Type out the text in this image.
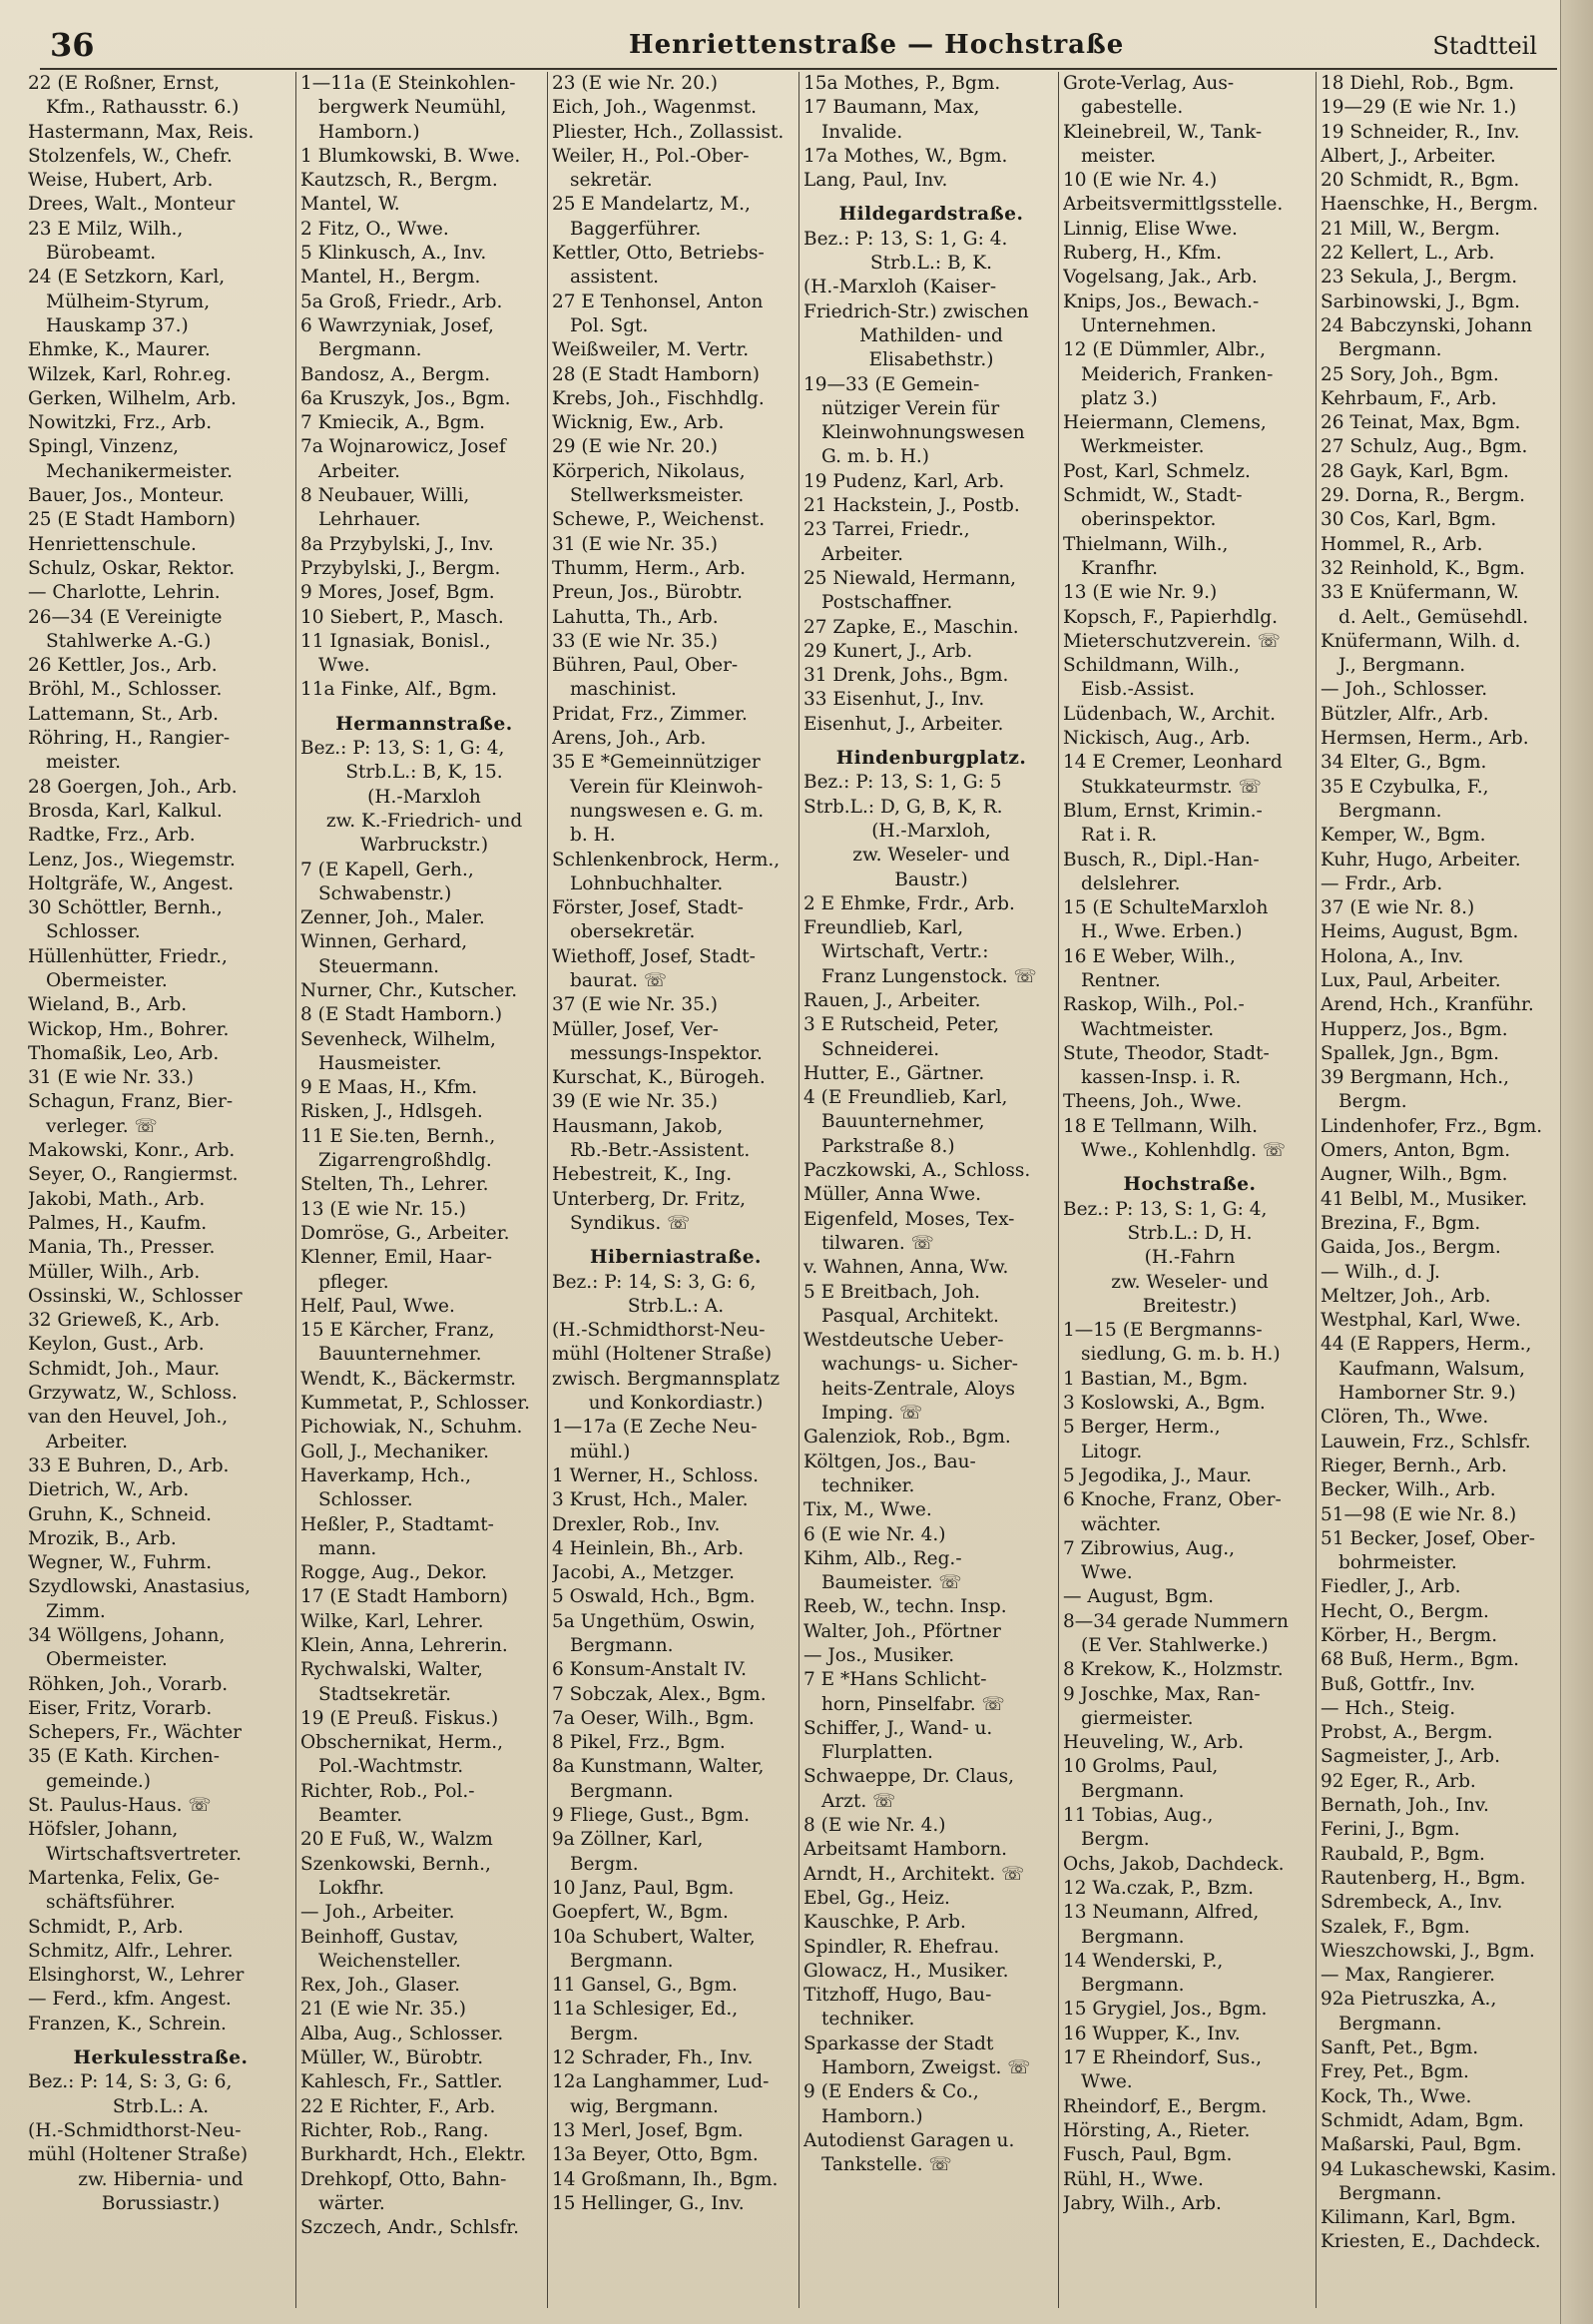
36	Henriettenstraße — Hochstraße	Stadtteil
22 (E Roßner, Ernst,
Kfm., Rathausstr. 6.)
Hastermann, Max, Reis.
Stolzenfels, W., Chefr.
Weise, Hubert, Arb.
Drees, Walt., Monteur
23 E Milz, Wilh.,
Bürobeamt.
24 (E Setzkorn, Karl,
Mülheim-Styrum,
Hauskamp 37.)
Ehmke, K., Maurer.
Wilzek, Karl, Rohr.eg.
Gerken, Wilhelm, Arb.
Nowitzki, Frz., Arb.
Spingl, Vinzenz,
Mechanikermeister.
Bauer, Jos., Monteur.
25 (E Stadt Hamborn)
Henriettenschule.
Schulz, Oskar, Rektor.
— Charlotte, Lehrin.
26—34 (E Vereinigte
Stahlwerke A.-G.)
26 Kettler, Jos., Arb.
Bröhl, M., Schlosser.
Lattemann, St., Arb.
Röhring, H., Rangier-
meister.
28 Goergen, Joh., Arb.
Brosda, Karl, Kalkul.
Radtke, Frz., Arb.
Lenz, Jos., Wiegemstr.
Holtgräfe, W., Angest.
30 Schöttler, Bernh.,
Schlosser.
Hüllenhütter, Friedr.,
Obermeister.
Wieland, B., Arb.
Wickop, Hm., Bohrer.
Thomaßik, Leo, Arb.
31 (E wie Nr. 33.)
Schagun, Franz, Bier-
verleger. ☏
Makowski, Konr., Arb.
Seyer, O., Rangiermst.
Jakobi, Math., Arb.
Palmes, H., Kaufm.
Mania, Th., Presser.
Müller, Wilh., Arb.
Ossinski, W., Schlosser
32 Grieweß, K., Arb.
Keylon, Gust., Arb.
Schmidt, Joh., Maur.
Grzywatz, W., Schloss.
van den Heuvel, Joh.,
Arbeiter.
33 E Buhren, D., Arb.
Dietrich, W., Arb.
Gruhn, K., Schneid.
Mrozik, B., Arb.
Wegner, W., Fuhrm.
Szydlowski, Anastasius,
Zimm.
34 Wöllgens, Johann,
Obermeister.
Röhken, Joh., Vorarb.
Eiser, Fritz, Vorarb.
Schepers, Fr., Wächter
35 (E Kath. Kirchen-
gemeinde.)
St. Paulus-Haus. ☏
Höfsler, Johann,
Wirtschaftsvertreter.
Martenka, Felix, Ge-
schäftsführer.
Schmidt, P., Arb.
Schmitz, Alfr., Lehrer.
Elsinghorst, W., Lehrer
— Ferd., kfm. Angest.
Franzen, K., Schrein.
Herkulesstraße.
Bez.: P: 14, S: 3, G: 6,
Strb.L.: A.
(H.-Schmidthorst-Neu-
mühl (Holtener Straße)
zw. Hibernia- und
Borussiastr.)
1—11a (E Steinkohlen-
bergwerk Neumühl,
Hamborn.)
1 Blumkowski, B. Wwe.
Kautzsch, R., Bergm.
Mantel, W.
2 Fitz, O., Wwe.
5 Klinkusch, A., Inv.
Mantel, H., Bergm.
5a Groß, Friedr., Arb.
6 Wawrzyniak, Josef,
Bergmann.
Bandosz, A., Bergm.
6a Kruszyk, Jos., Bgm.
7 Kmiecik, A., Bgm.
7a Wojnarowicz, Josef
Arbeiter.
8 Neubauer, Willi,
Lehrhauer.
8a Przybylski, J., Inv.
Przybylski, J., Bergm.
9 Mores, Josef, Bgm.
10 Siebert, P., Masch.
11 Ignasiak, Bonisl.,
Wwe.
11a Finke, Alf., Bgm.
Hermannstraße.
Bez.: P: 13, S: 1, G: 4,
Strb.L.: B, K, 15.
(H.-Marxloh
zw. K.-Friedrich- und
Warbruckstr.)
7 (E Kapell, Gerh.,
Schwabenstr.)
Zenner, Joh., Maler.
Winnen, Gerhard,
Steuermann.
Nurner, Chr., Kutscher.
8 (E Stadt Hamborn.)
Sevenheck, Wilhelm,
Hausmeister.
9 E Maas, H., Kfm.
Risken, J., Hdlsgeh.
11 E Sie.ten, Bernh.,
Zigarrengroßhdlg.
Stelten, Th., Lehrer.
13 (E wie Nr. 15.)
Domröse, G., Arbeiter.
Klenner, Emil, Haar-
pfleger.
Helf, Paul, Wwe.
15 E Kärcher, Franz,
Bauunternehmer.
Wendt, K., Bäckermstr.
Kummetat, P., Schlosser.
Pichowiak, N., Schuhm.
Goll, J., Mechaniker.
Haverkamp, Hch.,
Schlosser.
Heßler, P., Stadtamt-
mann.
Rogge, Aug., Dekor.
17 (E Stadt Hamborn)
Wilke, Karl, Lehrer.
Klein, Anna, Lehrerin.
Rychwalski, Walter,
Stadtsekretär.
19 (E Preuß. Fiskus.)
Obschernikat, Herm.,
Pol.-Wachtmstr.
Richter, Rob., Pol.-
Beamter.
20 E Fuß, W., Walzm
Szenkowski, Bernh.,
Lokfhr.
— Joh., Arbeiter.
Beinhoff, Gustav,
Weichensteller.
Rex, Joh., Glaser.
21 (E wie Nr. 35.)
Alba, Aug., Schlosser.
Müller, W., Bürobtr.
Kahlesch, Fr., Sattler.
22 E Richter, F., Arb.
Richter, Rob., Rang.
Burkhardt, Hch., Elektr.
Drehkopf, Otto, Bahn-
wärter.
Szczech, Andr., Schlsfr.
23 (E wie Nr. 20.)
Eich, Joh., Wagenmst.
Pliester, Hch., Zollassist.
Weiler, H., Pol.-Ober-
sekretär.
25 E Mandelartz, M.,
Baggerführer.
Kettler, Otto, Betriebs-
assistent.
27 E Tenhonsel, Anton
Pol. Sgt.
Weißweiler, M. Vertr.
28 (E Stadt Hamborn)
Krebs, Joh., Fischhdlg.
Wicknig, Ew., Arb.
29 (E wie Nr. 20.)
Körperich, Nikolaus,
Stellwerksmeister.
Schewe, P., Weichenst.
31 (E wie Nr. 35.)
Thumm, Herm., Arb.
Preun, Jos., Bürobtr.
Lahutta, Th., Arb.
33 (E wie Nr. 35.)
Bühren, Paul, Ober-
maschinist.
Pridat, Frz., Zimmer.
Arens, Joh., Arb.
35 E *Gemeinnütziger
Verein für Kleinwoh-
nungswesen e. G. m.
b. H.
Schlenkenbrock, Herm.,
Lohnbuchhalter.
Förster, Josef, Stadt-
obersekretär.
Wiethoff, Josef, Stadt-
baurat. ☏
37 (E wie Nr. 35.)
Müller, Josef, Ver-
messungs-Inspektor.
Kurschat, K., Bürogeh.
39 (E wie Nr. 35.)
Hausmann, Jakob,
Rb.-Betr.-Assistent.
Hebestreit, K., Ing.
Unterberg, Dr. Fritz,
Syndikus. ☏
Hiberniastraße.
Bez.: P: 14, S: 3, G: 6,
Strb.L.: A.
(H.-Schmidthorst-Neu-
mühl (Holtener Straße)
zwisch. Bergmannsplatz
und Konkordiastr.)
1—17a (E Zeche Neu-
mühl.)
1 Werner, H., Schloss.
3 Krust, Hch., Maler.
Drexler, Rob., Inv.
4 Heinlein, Bh., Arb.
Jacobi, A., Metzger.
5 Oswald, Hch., Bgm.
5a Ungethüm, Oswin,
Bergmann.
6 Konsum-Anstalt IV.
7 Sobczak, Alex., Bgm.
7a Oeser, Wilh., Bgm.
8 Pikel, Frz., Bgm.
8a Kunstmann, Walter,
Bergmann.
9 Fliege, Gust., Bgm.
9a Zöllner, Karl,
Bergm.
10 Janz, Paul, Bgm.
Goepfert, W., Bgm.
10a Schubert, Walter,
Bergmann.
11 Gansel, G., Bgm.
11a Schlesiger, Ed.,
Bergm.
12 Schrader, Fh., Inv.
12a Langhammer, Lud-
wig, Bergmann.
13 Merl, Josef, Bgm.
13a Beyer, Otto, Bgm.
14 Großmann, Ih., Bgm.
15 Hellinger, G., Inv.
15a Mothes, P., Bgm.
17 Baumann, Max,
Invalide.
17a Mothes, W., Bgm.
Lang, Paul, Inv.
Hildegardstraße.
Bez.: P: 13, S: 1, G: 4.
Strb.L.: B, K.
(H.-Marxloh (Kaiser-
Friedrich-Str.) zwischen
Mathilden- und
Elisabethstr.)
19—33 (E Gemein-
nütziger Verein für
Kleinwohnungswesen
G. m. b. H.)
19 Pudenz, Karl, Arb.
21 Hackstein, J., Postb.
23 Tarrei, Friedr.,
Arbeiter.
25 Niewald, Hermann,
Postschaffner.
27 Zapke, E., Maschin.
29 Kunert, J., Arb.
31 Drenk, Johs., Bgm.
33 Eisenhut, J., Inv.
Eisenhut, J., Arbeiter.
Hindenburgplatz.
Bez.: P: 13, S: 1, G: 5
Strb.L.: D, G, B, K, R.
(H.-Marxloh,
zw. Weseler- und
Baustr.)
2 E Ehmke, Frdr., Arb.
Freundlieb, Karl,
Wirtschaft, Vertr.:
Franz Lungenstock. ☏
Rauen, J., Arbeiter.
3 E Rutscheid, Peter,
Schneiderei.
Hutter, E., Gärtner.
4 (E Freundlieb, Karl,
Bauunternehmer,
Parkstraße 8.)
Paczkowski, A., Schloss.
Müller, Anna Wwe.
Eigenfeld, Moses, Tex-
tilwaren. ☏
v. Wahnen, Anna, Ww.
5 E Breitbach, Joh.
Pasqual, Architekt.
Westdeutsche Ueber-
wachungs- u. Sicher-
heits-Zentrale, Aloys
Imping. ☏
Galenziok, Rob., Bgm.
Költgen, Jos., Bau-
techniker.
Tix, M., Wwe.
6 (E wie Nr. 4.)
Kihm, Alb., Reg.-
Baumeister. ☏
Reeb, W., techn. Insp.
Walter, Joh., Pförtner
— Jos., Musiker.
7 E *Hans Schlicht-
horn, Pinselfabr. ☏
Schiffer, J., Wand- u.
Flurplatten.
Schwaeppe, Dr. Claus,
Arzt. ☏
8 (E wie Nr. 4.)
Arbeitsamt Hamborn.
Arndt, H., Architekt. ☏
Ebel, Gg., Heiz.
Kauschke, P. Arb.
Spindler, R. Ehefrau.
Glowacz, H., Musiker.
Titzhoff, Hugo, Bau-
techniker.
Sparkasse der Stadt
Hamborn, Zweigst. ☏
9 (E Enders & Co.,
Hamborn.)
Autodienst Garagen u.
Tankstelle. ☏
Grote-Verlag, Aus-
gabestelle.
Kleinebreil, W., Tank-
meister.
10 (E wie Nr. 4.)
Arbeitsvermittlgsstelle.
Linnig, Elise Wwe.
Ruberg, H., Kfm.
Vogelsang, Jak., Arb.
Knips, Jos., Bewach.-
Unternehmen.
12 (E Dümmler, Albr.,
Meiderich, Franken-
platz 3.)
Heiermann, Clemens,
Werkmeister.
Post, Karl, Schmelz.
Schmidt, W., Stadt-
oberinspektor.
Thielmann, Wilh.,
Kranfhr.
13 (E wie Nr. 9.)
Kopsch, F., Papierhdlg.
Mieterschutzverein. ☏
Schildmann, Wilh.,
Eisb.-Assist.
Lüdenbach, W., Archit.
Nickisch, Aug., Arb.
14 E Cremer, Leonhard
Stukkateurmstr. ☏
Blum, Ernst, Krimin.-
Rat i. R.
Busch, R., Dipl.-Han-
delslehrer.
15 (E SchulteMarxloh
H., Wwe. Erben.)
16 E Weber, Wilh.,
Rentner.
Raskop, Wilh., Pol.-
Wachtmeister.
Stute, Theodor, Stadt-
kassen-Insp. i. R.
Theens, Joh., Wwe.
18 E Tellmann, Wilh.
Wwe., Kohlenhdlg. ☏
Hochstraße.
Bez.: P: 13, S: 1, G: 4,
Strb.L.: D, H.
(H.-Fahrn
zw. Weseler- und
Breitestr.)
1—15 (E Bergmanns-
siedlung, G. m. b. H.)
1 Bastian, M., Bgm.
3 Koslowski, A., Bgm.
5 Berger, Herm.,
Litogr.
5 Jegodika, J., Maur.
6 Knoche, Franz, Ober-
wächter.
7 Zibrowius, Aug.,
Wwe.
— August, Bgm.
8—34 gerade Nummern
(E Ver. Stahlwerke.)
8 Krekow, K., Holzmstr.
9 Joschke, Max, Ran-
giermeister.
Heuveling, W., Arb.
10 Grolms, Paul,
Bergmann.
11 Tobias, Aug.,
Bergm.
Ochs, Jakob, Dachdeck.
12 Wa.czak, P., Bzm.
13 Neumann, Alfred,
Bergmann.
14 Wenderski, P.,
Bergmann.
15 Grygiel, Jos., Bgm.
16 Wupper, K., Inv.
17 E Rheindorf, Sus.,
Wwe.
Rheindorf, E., Bergm.
Hörsting, A., Rieter.
Fusch, Paul, Bgm.
Rühl, H., Wwe.
Jabry, Wilh., Arb.
18 Diehl, Rob., Bgm.
19—29 (E wie Nr. 1.)
19 Schneider, R., Inv.
Albert, J., Arbeiter.
20 Schmidt, R., Bgm.
Haenschke, H., Bergm.
21 Mill, W., Bergm.
22 Kellert, L., Arb.
23 Sekula, J., Bergm.
Sarbinowski, J., Bgm.
24 Babczynski, Johann
Bergmann.
25 Sory, Joh., Bgm.
Kehrbaum, F., Arb.
26 Teinat, Max, Bgm.
27 Schulz, Aug., Bgm.
28 Gayk, Karl, Bgm.
29. Dorna, R., Bergm.
30 Cos, Karl, Bgm.
Hommel, R., Arb.
32 Reinhold, K., Bgm.
33 E Knüfermann, W.
d. Aelt., Gemüsehdl.
Knüfermann, Wilh. d.
J., Bergmann.
— Joh., Schlosser.
Bützler, Alfr., Arb.
Hermsen, Herm., Arb.
34 Elter, G., Bgm.
35 E Czybulka, F.,
Bergmann.
Kemper, W., Bgm.
Kuhr, Hugo, Arbeiter.
— Frdr., Arb.
37 (E wie Nr. 8.)
Heims, August, Bgm.
Holona, A., Inv.
Lux, Paul, Arbeiter.
Arend, Hch., Kranführ.
Hupperz, Jos., Bgm.
Spallek, Jgn., Bgm.
39 Bergmann, Hch.,
Bergm.
Lindenhofer, Frz., Bgm.
Omers, Anton, Bgm.
Augner, Wilh., Bgm.
41 Belbl, M., Musiker.
Brezina, F., Bgm.
Gaida, Jos., Bergm.
— Wilh., d. J.
Meltzer, Joh., Arb.
Westphal, Karl, Wwe.
44 (E Rappers, Herm.,
Kaufmann, Walsum,
Hamborner Str. 9.)
Clören, Th., Wwe.
Lauwein, Frz., Schlsfr.
Rieger, Bernh., Arb.
Becker, Wilh., Arb.
51—98 (E wie Nr. 8.)
51 Becker, Josef, Ober-
bohrmeister.
Fiedler, J., Arb.
Hecht, O., Bergm.
Körber, H., Bergm.
68 Buß, Herm., Bgm.
Buß, Gottfr., Inv.
— Hch., Steig.
Probst, A., Bergm.
Sagmeister, J., Arb.
92 Eger, R., Arb.
Bernath, Joh., Inv.
Ferini, J., Bgm.
Raubald, P., Bgm.
Rautenberg, H., Bgm.
Sdrembeck, A., Inv.
Szalek, F., Bgm.
Wieszchowski, J., Bgm.
— Max, Rangierer.
92a Pietruszka, A.,
Bergmann.
Sanft, Pet., Bgm.
Frey, Pet., Bgm.
Kock, Th., Wwe.
Schmidt, Adam, Bgm.
Maßarski, Paul, Bgm.
94 Lukaschewski, Kasim.
Bergmann.
Kilimann, Karl, Bgm.
Kriesten, E., Dachdeck.
